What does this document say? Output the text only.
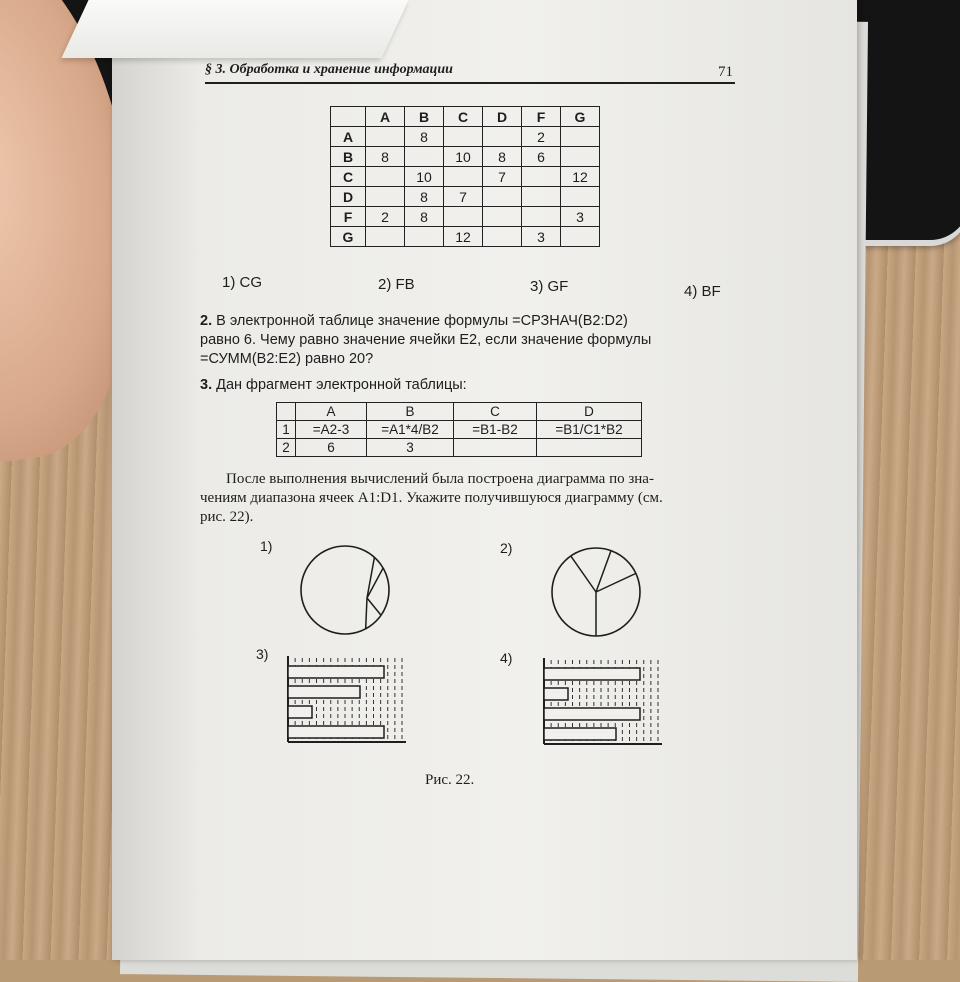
§ 3. Обработка и хранение информации	71
	A	B	C	D	F	G
A		8			2	
B	8		10	8	6	
C		10		7		12
D		8	7			
F	2	8				3
G			12		3	
1) CG	2) FB	3) GF	4) BF
2. В электронной таблице значение формулы =СРЗНАЧ(B2:D2)
равно 6. Чему равно значение ячейки E2, если значение формулы
=СУММ(B2:E2) равно 20?
3. Дан фрагмент электронной таблицы:
	A	B	C	D
1	=A2-3	=A1*4/B2	=B1-B2	=B1/C1*B2
2	6	3		
После выполнения вычислений была построена диаграмма по зна-
чениям диапазона ячеек A1:D1. Укажите получившуюся диаграмму (см.
рис. 22).
1)	2)
3)	4)
Рис. 22.
